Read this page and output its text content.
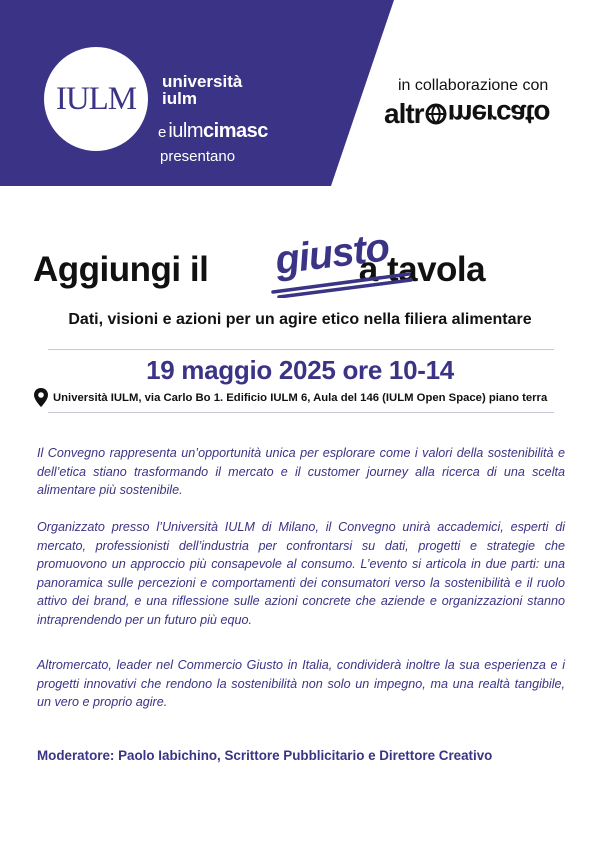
IULM università
iulm
e iulmcimasc
presentano
in collaborazione con
altr mercato
Aggiungi il	a tavola
giusto
Dati, visioni e azioni per un agire etico nella filiera alimentare
19 maggio 2025 ore 10-14
Università IULM, via Carlo Bo 1. Edificio IULM 6, Aula del 146 (IULM Open Space) piano terra
Il Convegno rappresenta un’opportunità unica per esplorare come i valori della sostenibilità e dell’etica stiano trasformando il mercato e il customer journey alla ricerca di una scelta alimentare più sostenibile.
Organizzato presso l’Università IULM di Milano, il Convegno unirà accademici, esperti di mercato, professionisti dell’industria per confrontarsi su dati, progetti e strategie che promuovono un approccio più consapevole al consumo. L’evento si articola in due parti: una panoramica sulle percezioni e comportamenti dei consumatori verso la sostenibilità e il ruolo attivo dei brand, e una riflessione sulle azioni concrete che aziende e organizzazioni stanno intraprendendo per un futuro più equo.
Altromercato, leader nel Commercio Giusto in Italia, condividerà inoltre la sua esperienza e i progetti innovativi che rendono la sostenibilità non solo un impegno, ma una realtà tangibile, un vero e proprio agire.
Moderatore: Paolo Iabichino, Scrittore Pubblicitario e Direttore Creativo
